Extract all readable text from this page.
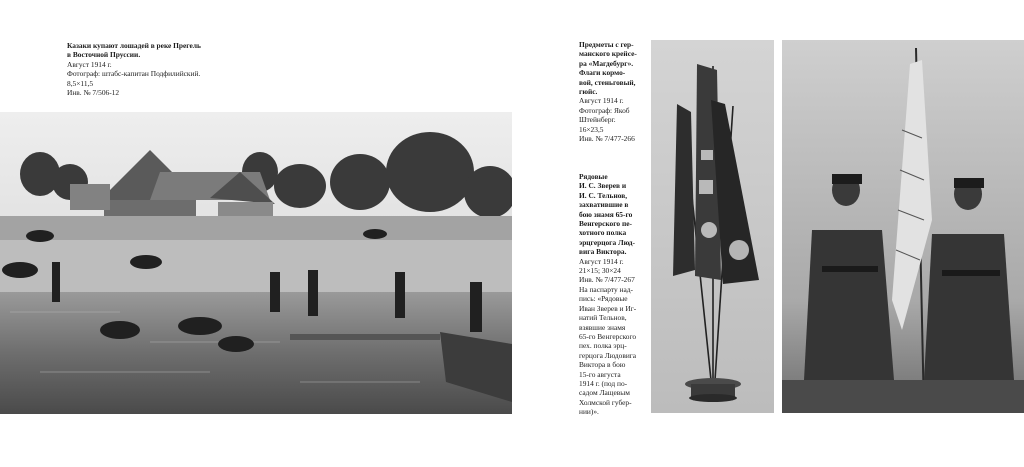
Казаки купают лошадей в реке Прегель
в Восточной Пруссии.
Август 1914 г.
Фотограф: штабс-капитан Подфилийский.
8,5×11,5
Инв. № 7/506-12
Предметы с гер-
манского крейсе-
ра «Магдебург».
Флаги кормо-
вой, стеньговый,
гюйс.
Август 1914 г.
Фотограф: Якоб
Штейнберг.
16×23,5
Инв. № 7/477-266
Рядовые
И. С. Зверев и
И. С. Тельнов,
захватившие в
бою знамя 65-го
Венгерского пе-
хотного полка
эрцгерцога Люд-
вига Виктора.
Август 1914 г.
21×15; 30×24
Инв. № 7/477-267
На паспарту над-
пись: «Рядовые
Иван Зверев и Иг-
натий Тельнов,
взявшие знамя
65-го Венгерского
пех. полка эрц-
герцога Людовига
Виктора в бою
15-го августа
1914 г. (под по-
садом Лащевым
Холмской губер-
нии)».
